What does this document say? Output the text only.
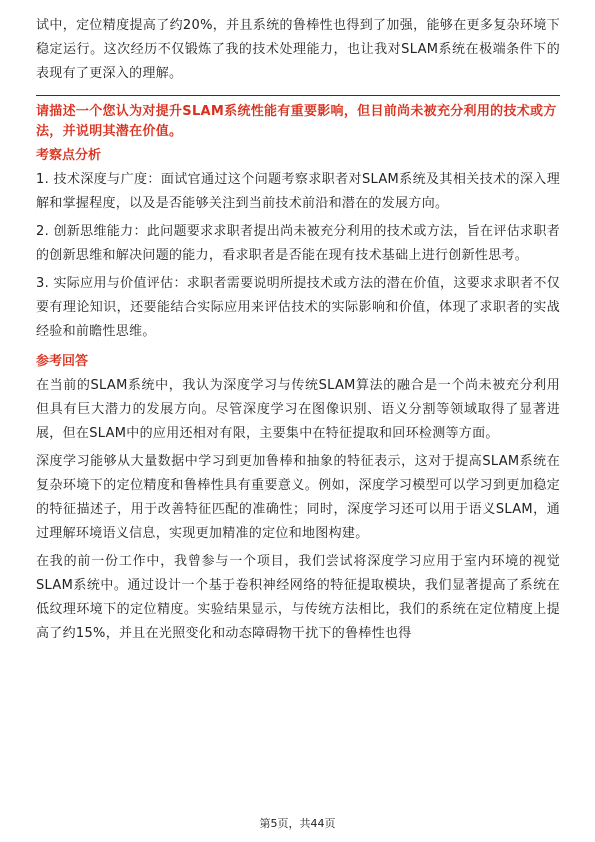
试中，定位精度提高了约20%，并且系统的鲁棒性也得到了加强，能够在更多复杂环境下稳定运行。这次经历不仅锻炼了我的技术处理能力，也让我对SLAM系统在极端条件下的表现有了更深入的理解。

请描述一个您认为对提升SLAM系统性能有重要影响，但目前尚未被充分利用的技术或方法，并说明其潜在价值。
考察点分析

1. 技术深度与广度：面试官通过这个问题考察求职者对SLAM系统及其相关技术的深入理解和掌握程度，以及是否能够关注到当前技术前沿和潜在的发展方向。

2. 创新思维能力：此问题要求求职者提出尚未被充分利用的技术或方法，旨在评估求职者的创新思维和解决问题的能力，看求职者是否能在现有技术基础上进行创新性思考。

3. 实际应用与价值评估：求职者需要说明所提技术或方法的潜在价值，这要求求职者不仅要有理论知识，还要能结合实际应用来评估技术的实际影响和价值，体现了求职者的实战经验和前瞻性思维。

参考回答

在当前的SLAM系统中，我认为深度学习与传统SLAM算法的融合是一个尚未被充分利用但具有巨大潜力的发展方向。尽管深度学习在图像识别、语义分割等领域取得了显著进展，但在SLAM中的应用还相对有限，主要集中在特征提取和回环检测等方面。

深度学习能够从大量数据中学习到更加鲁棒和抽象的特征表示，这对于提高SLAM系统在复杂环境下的定位精度和鲁棒性具有重要意义。例如，深度学习模型可以学习到更加稳定的特征描述子，用于改善特征匹配的准确性；同时，深度学习还可以用于语义SLAM，通过理解环境语义信息，实现更加精准的定位和地图构建。

在我的前一份工作中，我曾参与一个项目，我们尝试将深度学习应用于室内环境的视觉SLAM系统中。通过设计一个基于卷积神经网络的特征提取模块，我们显著提高了系统在低纹理环境下的定位精度。实验结果显示，与传统方法相比，我们的系统在定位精度上提高了约15%，并且在光照变化和动态障碍物干扰下的鲁棒性也得

第5页，共44页
